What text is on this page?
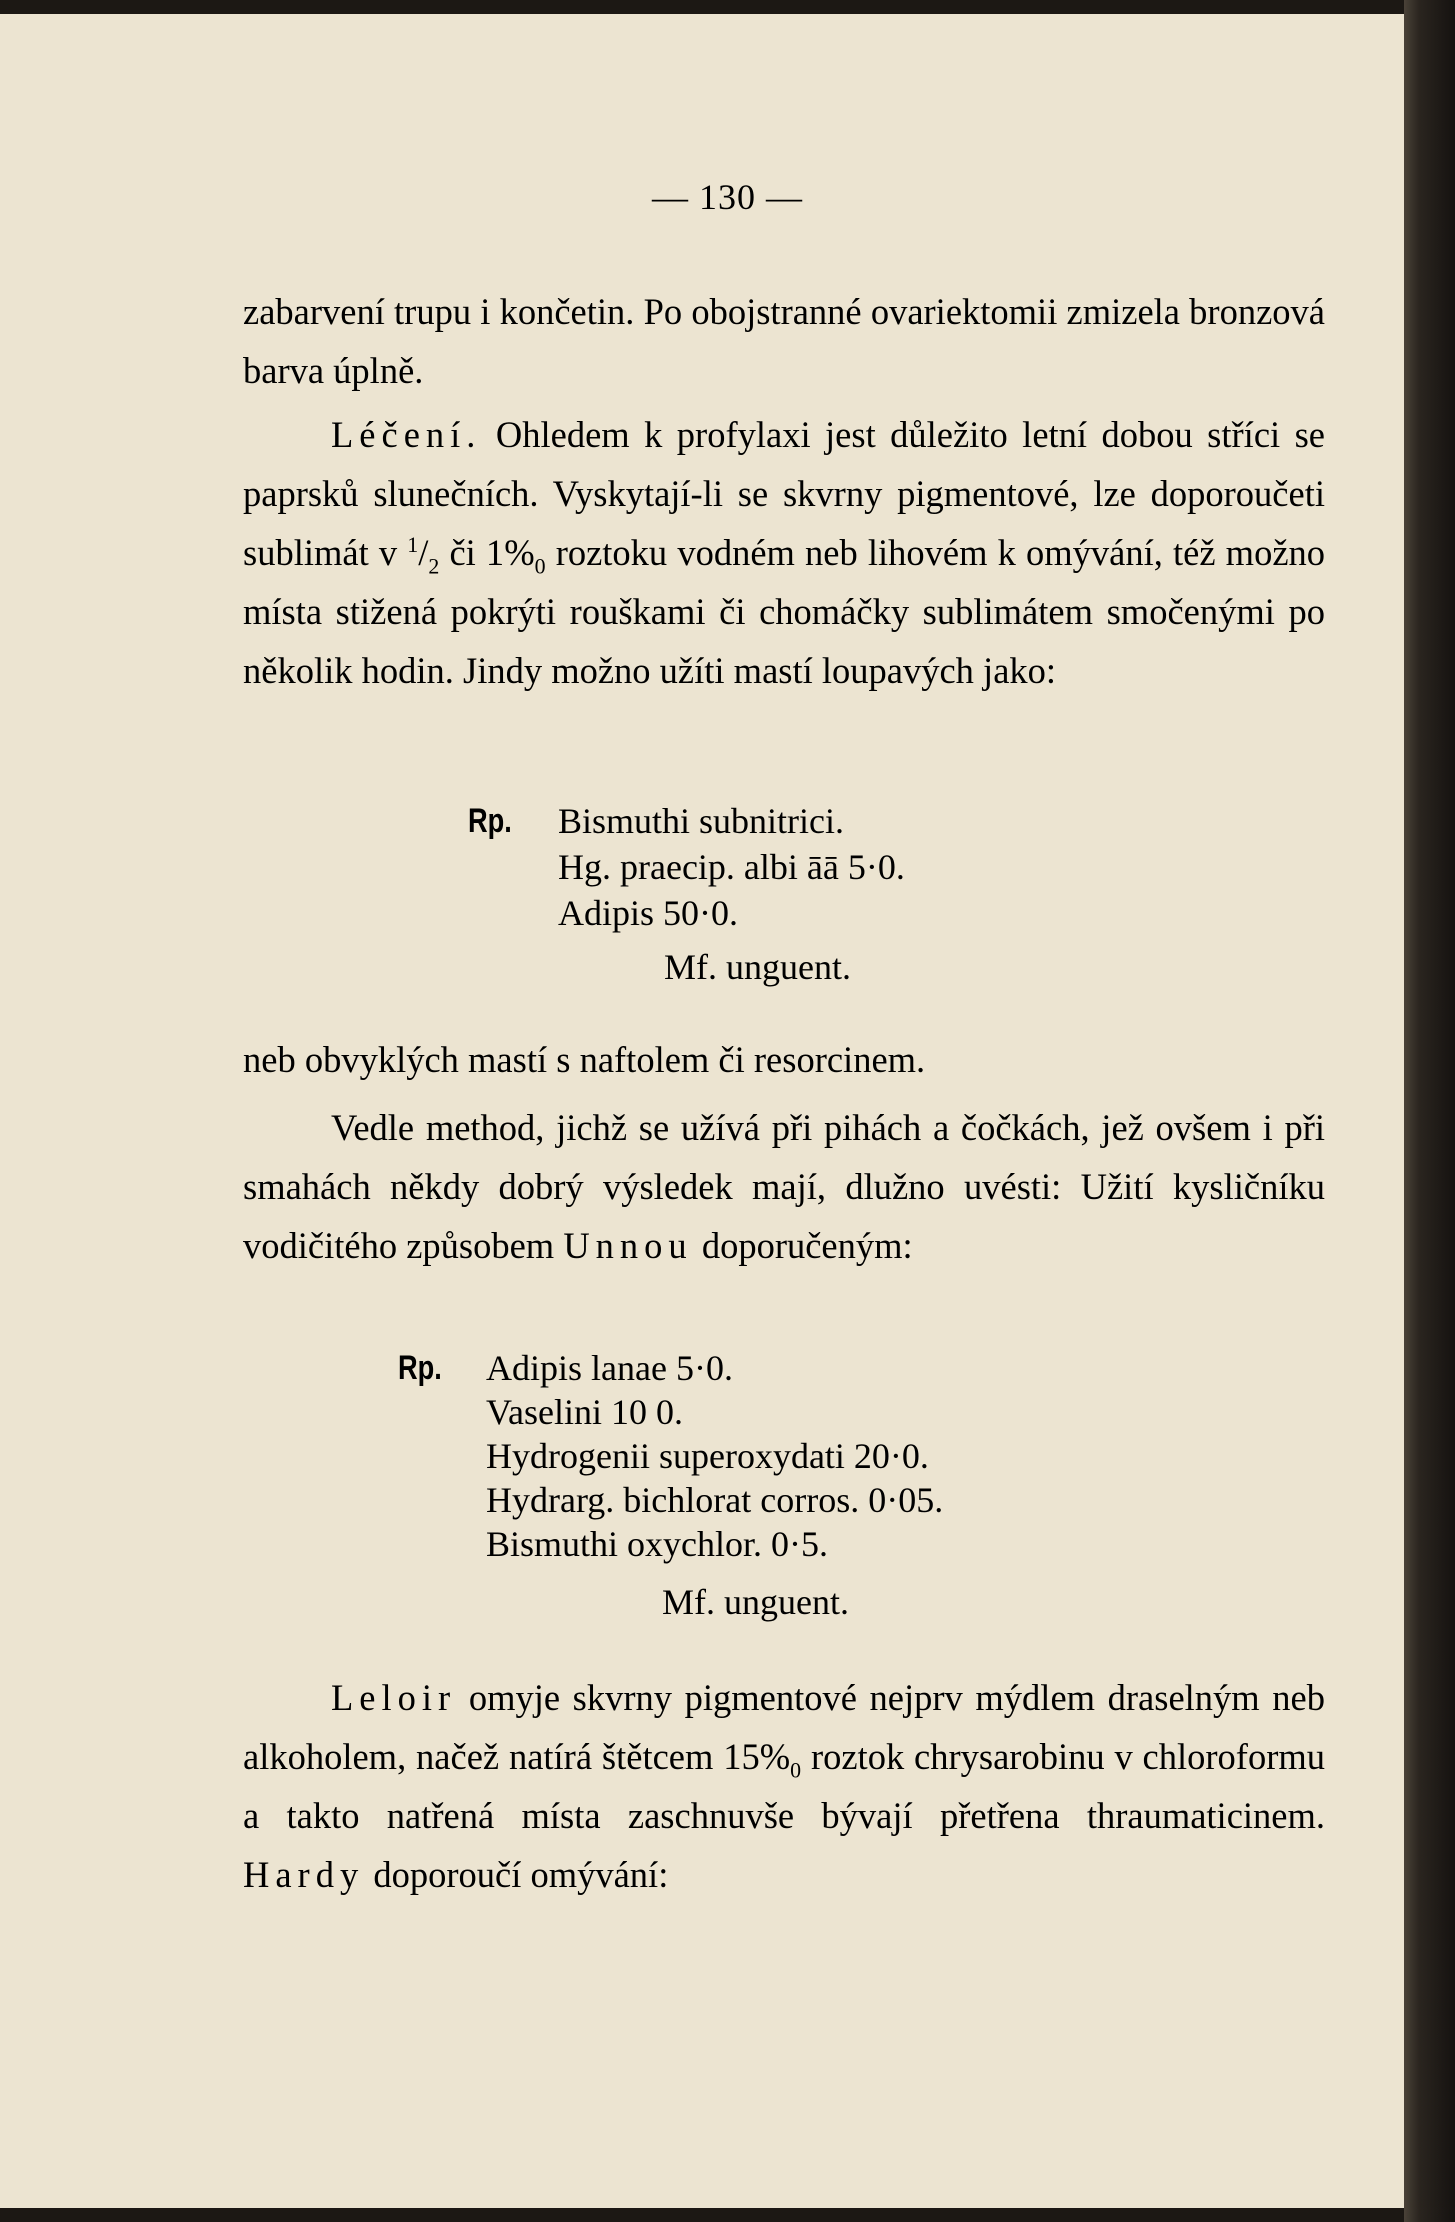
— 130 —
zabarvení trupu i končetin. Po obojstranné ovariektomii zmizela bronzová barva úplně.
Léčení. Ohledem k profylaxi jest důležito letní dobou stříci se paprsků slunečních. Vyskytají-li se skvrny pigmentové, lze doporoučeti sublimát v $^1/_2$ či $1\%_0$ roztoku vodném neb lihovém k omývání, též možno místa stižená pokrýti rouškami či chomáčky sublimátem smočenými po několik hodin. Jindy možno užíti mastí loupavých jako:
Rp. Bismuthi subnitrici.
Hg. praecip. albi āā 5·0.
Adipis 50·0.
Mf. unguent.
neb obvyklých mastí s naftolem či resorcinem.
Vedle method, jichž se užívá při pihách a čočkách, jež ovšem i při smahách někdy dobrý výsledek mají, dlužno uvésti: Užití kysličníku vodičitého způsobem Unnou doporučeným:
Rp. Adipis lanae 5·0.
Vaselini 10 0.
Hydrogenii superoxydati 20·0.
Hydrarg. bichlorat corros. 0·05.
Bismuthi oxychlor. 0·5.
Mf. unguent.
Leloir omyje skvrny pigmentové nejprv mýdlem draselným neb alkoholem, načež natírá štětcem $15\%_0$ roztok chrysarobinu v chloroformu a takto natřená místa zaschnuvše bývají přetřena thraumaticinem. Hardy doporoučí omývání:
